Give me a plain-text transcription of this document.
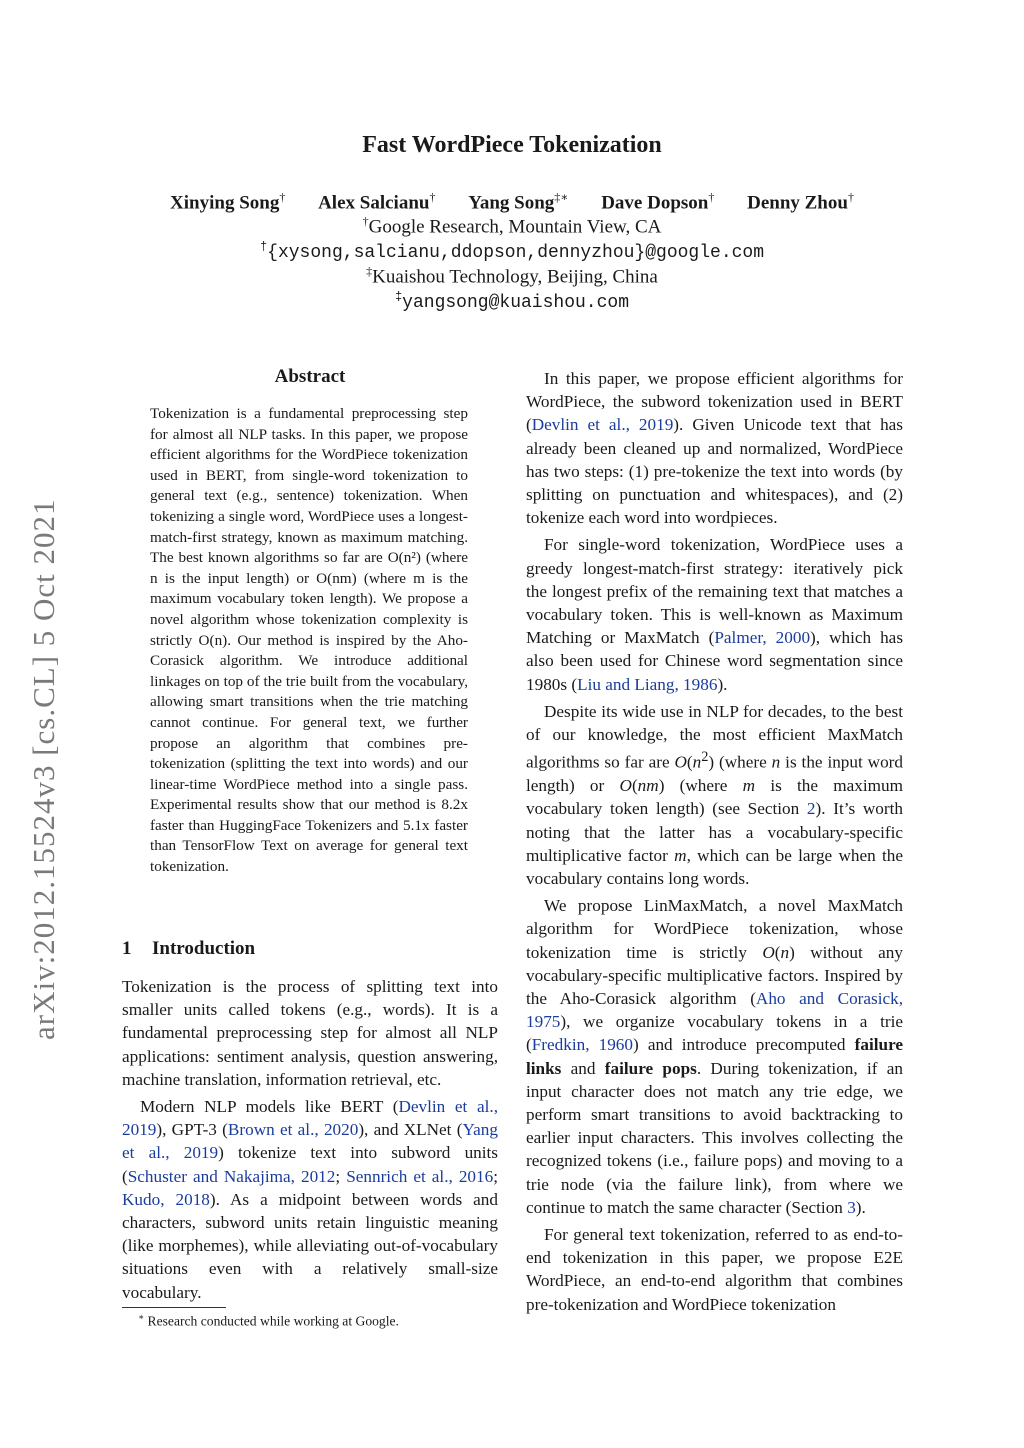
arXiv:2012.15524v3 [cs.CL] 5 Oct 2021
Fast WordPiece Tokenization
Xinying Song† Alex Salcianu† Yang Song‡∗ Dave Dopson† Denny Zhou†
†Google Research, Mountain View, CA
†{xysong,salcianu,ddopson,dennyzhou}@google.com
‡Kuaishou Technology, Beijing, China
‡yangsong@kuaishou.com
Abstract

Tokenization is a fundamental preprocessing step for almost all NLP tasks. In this paper, we propose efficient algorithms for the WordPiece tokenization used in BERT, from single-word tokenization to general text (e.g., sentence) tokenization. When tokenizing a single word, WordPiece uses a longest-match-first strategy, known as maximum matching. The best known algorithms so far are O(n²) (where n is the input length) or O(nm) (where m is the maximum vocabulary token length). We propose a novel algorithm whose tokenization complexity is strictly O(n). Our method is inspired by the Aho-Corasick algorithm. We introduce additional linkages on top of the trie built from the vocabulary, allowing smart transitions when the trie matching cannot continue. For general text, we further propose an algorithm that combines pre-tokenization (splitting the text into words) and our linear-time WordPiece method into a single pass. Experimental results show that our method is 8.2x faster than HuggingFace Tokenizers and 5.1x faster than TensorFlow Text on average for general text tokenization.

1 Introduction

Tokenization is the process of splitting text into smaller units called tokens (e.g., words). It is a fundamental preprocessing step for almost all NLP applications: sentiment analysis, question answering, machine translation, information retrieval, etc.

Modern NLP models like BERT (Devlin et al., 2019), GPT-3 (Brown et al., 2020), and XLNet (Yang et al., 2019) tokenize text into subword units (Schuster and Nakajima, 2012; Sennrich et al., 2016; Kudo, 2018). As a midpoint between words and characters, subword units retain linguistic meaning (like morphemes), while alleviating out-of-vocabulary situations even with a relatively small-size vocabulary.

In this paper, we propose efficient algorithms for WordPiece, the subword tokenization used in BERT (Devlin et al., 2019). Given Unicode text that has already been cleaned up and normalized, WordPiece has two steps: (1) pre-tokenize the text into words (by splitting on punctuation and whitespaces), and (2) tokenize each word into wordpieces.

For single-word tokenization, WordPiece uses a greedy longest-match-first strategy: iteratively pick the longest prefix of the remaining text that matches a vocabulary token. This is well-known as Maximum Matching or MaxMatch (Palmer, 2000), which has also been used for Chinese word segmentation since 1980s (Liu and Liang, 1986).

Despite its wide use in NLP for decades, to the best of our knowledge, the most efficient MaxMatch algorithms so far are $O(n^2)$ (where n is the input word length) or O(nm) (where m is the maximum vocabulary token length) (see Section 2). It’s worth noting that the latter has a vocabulary-specific multiplicative factor m, which can be large when the vocabulary contains long words.

We propose LinMaxMatch, a novel MaxMatch algorithm for WordPiece tokenization, whose tokenization time is strictly O(n) without any vocabulary-specific multiplicative factors. Inspired by the Aho-Corasick algorithm (Aho and Corasick, 1975), we organize vocabulary tokens in a trie (Fredkin, 1960) and introduce precomputed failure links and failure pops. During tokenization, if an input character does not match any trie edge, we perform smart transitions to avoid backtracking to earlier input characters. This involves collecting the recognized tokens (i.e., failure pops) and moving to a trie node (via the failure link), from where we continue to match the same character (Section 3).

For general text tokenization, referred to as end-to-end tokenization in this paper, we propose E2E WordPiece, an end-to-end algorithm that combines pre-tokenization and WordPiece tokenization

∗ Research conducted while working at Google.
